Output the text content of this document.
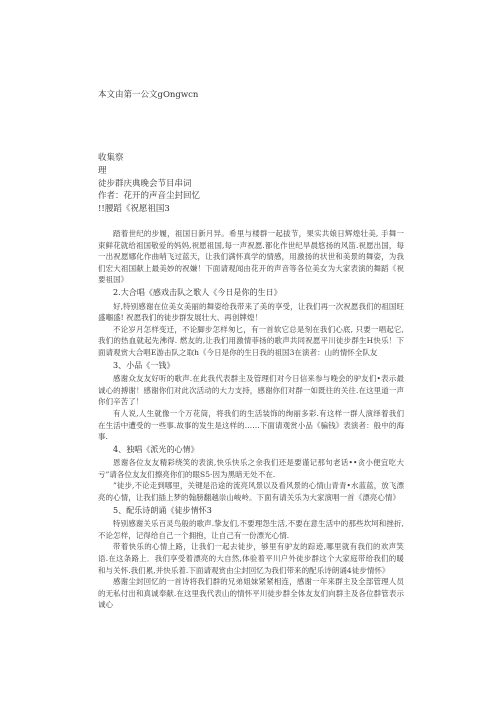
本文由第一公文gOngwcn
收集察
理
徒步群庆典晚会节目串词
作者：花开的声音尘封回忆
!!腰蹈《祝愿祖国3

踏着世纪的步履，祖国日新月异。希里与楼群一起拔节，果实共娘日辉煌壮美, 手舞一束鲜花就给祖国敬爱的妈妈,祝愿祖国,每一声祝愿.都化作世纪旱晨悠扬的风笛.祝愿出国，每一出祝愿娜化作曲哨飞过蓝天，让我们满怀真学的情感，用激扬的状世和美景的舞姿，为我们宏大祖国献上最美妙的祝嫌！下面请观闻由花开的声音等各位美女为大家表演的舞蹈《祝要祖国》

2.大合唱《感戏击队之歌人《今日是你的生日》

好,特别感谢在位美女美丽的舞姿给我带来了美的享受，让我们再一次祝愿我们的祖国旺盛嗰盛! 祝愿我们的徒步群发展壮大、再创牌煌！

不论岁月怎样变迁，不论脚步怎样匆匕，有一首软它总是刻在我们心底, 只要一唱起它, 我们的热血就起先沸得. 燃友的,让我们用激情菲扬的歌声共同祝愿平川徒步群生H快乐！下面请观赏大合唱E游击队之取h《今日是你的生日我的祖国3在演者：山的情怀全队友

3、小品《一钱》

感谢众友友好听的歌声.在此我代表群主及管理们对今日信来参与晚会的驴友们•表示最诚心的搏谢！感谢你们对此次活动的大力支持，感谢你们对群一如既往的关往.在这里道一声你们辛苦了！

有人说,人生就像一个万花筒，将我们的生活装饰的绚丽多彩.有这样一群人演绎着我们在生活中遭受的一些事.故事的发生是这样的……下面请观赏小品《骗钱》表演者：般中的海事.

4、独唱《派光的心情》

恩谢各位友友精彩绕笑的表演,快乐快乐之余我们还是要谨记那句老话••贪小便宜吃大亏”请各位友友们擦亮你们的眼S5·因为黑暗无处不在.

”徒步,不论走到哪里，关键是沿途的流亮风景以及看风景的心情山青青•水蓝蓝，放飞漂亮的心情，让我们插上梦的翰膀翻越崇山峻岭。下面有请关乐为大家演唱一首《漂亮心情》

5、配乐诗朗诵《徒步情怀3

特别感谢关乐百灵鸟般的歌声.挚友们,不要理怨生活,不要在意生活中的那些坎坷和挫折,不论怎样，记得给自己一个拥抱，让自己有一份漂光心情.

带着快乐的心情上路，让我们一起去徒步，够里有驴友的踪迹,哪里就有我们的欢声笑语.在这条路上．我们享受着漂亮的大自然,体验着平川户外徒步群这个大家庭带给我们的暖和与关怀.我们累,并快乐着.下面请观赏由尘封回忆为我们带来的配乐诗朗诵4徒步情怀》

感谢尘封回忆的一首诗将我们群的兄弟姐妹紧紧相连，感谢一年来群主及全部管理人员的无私付出和真诚奉献.在这里我代表山的情怀平川徒步群全体友友们向群主及各位群管表示诚心
